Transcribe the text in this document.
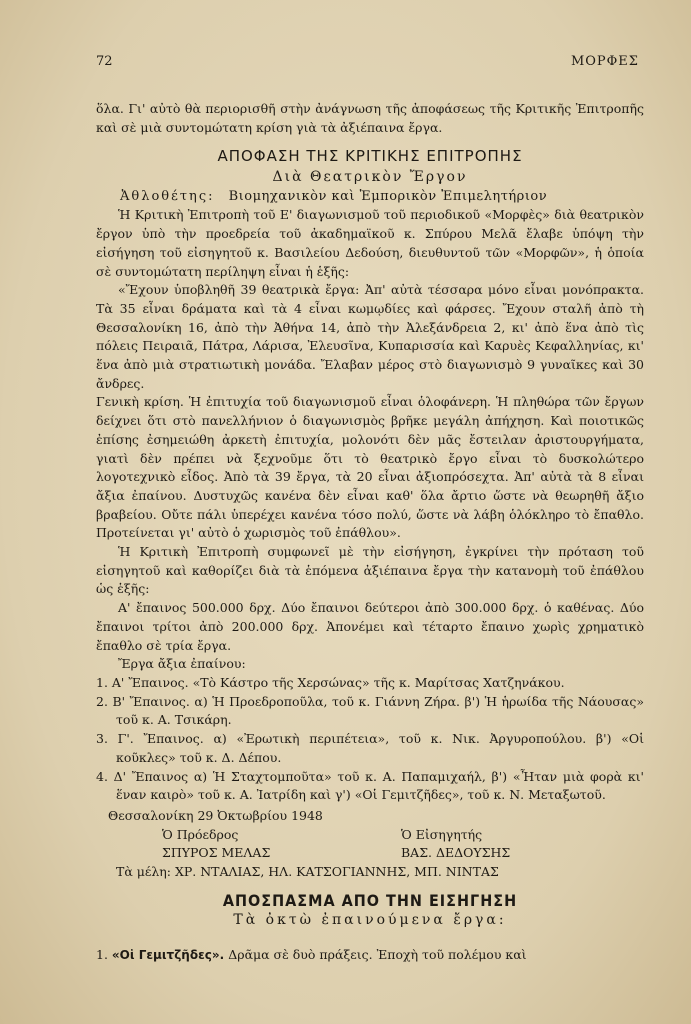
72	ΜΟΡΦΕΣ

ὅλα. Γι' αὐτὸ θὰ περιορισθῆ στὴν ἀνάγνωση τῆς ἀποφάσεως τῆς Κριτικῆς Ἐπιτροπῆς καὶ σὲ μιὰ συντομώτατη κρίση γιὰ τὰ ἀξιέπαινα ἔργα.

ΑΠΟΦΑΣΗ ΤΗΣ ΚΡΙΤΙΚΗΣ ΕΠΙΤΡΟΠΗΣ
Διὰ Θεατρικὸν Ἔργον
Ἀθλοθέτης: Βιομηχανικὸν καὶ Ἐμπορικὸν Ἐπιμελητήριον

Ἡ Κριτικὴ Ἐπιτροπὴ τοῦ Ε' διαγωνισμοῦ τοῦ περιοδικοῦ «Μορφὲς» διὰ θεατρικὸν ἔργον ὑπὸ τὴν προεδρεία τοῦ ἀκαδημαϊκοῦ κ. Σπύρου Μελᾶ ἔλαβε ὑπόψη τὴν εἰσήγηση τοῦ εἰσηγητοῦ κ. Βασιλείου Δεδούση, διευθυντοῦ τῶν «Μορφῶν», ἡ ὁποία σὲ συντομώτατη περίληψη εἶναι ἡ ἑξῆς:

«Ἔχουν ὑποβληθῆ 39 θεατρικὰ ἔργα: Ἀπ' αὐτὰ τέσσαρα μόνο εἶναι μονόπρακτα. Τὰ 35 εἶναι δράματα καὶ τὰ 4 εἶναι κωμῳδίες καὶ φάρσες. Ἔχουν σταλῆ ἀπὸ τὴ Θεσσαλονίκη 16, ἀπὸ τὴν Ἀθήνα 14, ἀπὸ τὴν Ἀλεξάνδρεια 2, κι' ἀπὸ ἕνα ἀπὸ τὶς πόλεις Πειραιᾶ, Πάτρα, Λάρισα, Ἐλευσῖνα, Κυπαρισσία καὶ Καρυὲς Κεφαλληνίας, κι' ἕνα ἀπὸ μιὰ στρατιωτικὴ μονάδα. Ἔλαβαν μέρος στὸ διαγωνισμὸ 9 γυναῖκες καὶ 30 ἄνδρες.

Γενικὴ κρίση. Ἡ ἐπιτυχία τοῦ διαγωνισμοῦ εἶναι ὁλοφάνερη. Ἡ πληθώρα τῶν ἔργων δείχνει ὅτι στὸ πανελλήνιον ὁ διαγωνισμὸς βρῆκε μεγάλη ἀπήχηση. Καὶ ποιοτικῶς ἐπίσης ἐσημειώθη ἀρκετὴ ἐπιτυχία, μολονότι δὲν μᾶς ἔστειλαν ἀριστουργήματα, γιατὶ δὲν πρέπει νὰ ξεχνοῦμε ὅτι τὸ θεατρικὸ ἔργο εἶναι τὸ δυσκολώτερο λογοτεχνικὸ εἶδος. Ἀπὸ τὰ 39 ἔργα, τὰ 20 εἶναι ἀξιοπρόσεχτα. Ἀπ' αὐτὰ τὰ 8 εἶναι ἄξια ἐπαίνου. Δυστυχῶς κανένα δὲν εἶναι καθ' ὅλα ἄρτιο ὥστε νὰ θεωρηθῆ ἄξιο βραβείου. Οὔτε πάλι ὑπερέχει κανένα τόσο πολύ, ὥστε νὰ λάβη ὁλόκληρο τὸ ἔπαθλο. Προτείνεται γι' αὐτὸ ὁ χωρισμὸς τοῦ ἐπάθλου».

Ἡ Κριτικὴ Ἐπιτροπὴ συμφωνεῖ μὲ τὴν εἰσήγηση, ἐγκρίνει τὴν πρόταση τοῦ εἰσηγητοῦ καὶ καθορίζει διὰ τὰ ἑπόμενα ἀξιέπαινα ἔργα τὴν κατανομὴ τοῦ ἐπάθλου ὡς ἑξῆς:

Α' ἔπαινος 500.000 δρχ. Δύο ἔπαινοι δεύτεροι ἀπὸ 300.000 δρχ. ὁ καθένας. Δύο ἔπαινοι τρίτοι ἀπὸ 200.000 δρχ. Ἀπονέμει καὶ τέταρτο ἔπαινο χωρὶς χρηματικὸ ἔπαθλο σὲ τρία ἔργα.

Ἔργα ἄξια ἐπαίνου:

1. Α' Ἔπαινος. «Τὸ Κάστρο τῆς Χερσώνας» τῆς κ. Μαρίτσας Χατζηνάκου.
2. Β' Ἔπαινος. α) Ἡ Προεδροποῦλα, τοῦ κ. Γιάννη Ζήρα. β') Ἡ ἡρωίδα τῆς Νάουσας» τοῦ κ. Α. Τσικάρη.
3. Γ'. Ἔπαινος. α) «Ἐρωτικὴ περιπέτεια», τοῦ κ. Νικ. Ἀργυροπούλου. β') «Οἱ κοῦκλες» τοῦ κ. Δ. Δέπου.
4. Δ' Ἔπαινος α) Ἡ Σταχτομποῦτα» τοῦ κ. Α. Παπαμιχαήλ, β') «Ἦταν μιὰ φορὰ κι' ἕναν καιρὸ» τοῦ κ. Α. Ἰατρίδη καὶ γ') «Οἱ Γεμιτζῆδες», τοῦ κ. Ν. Μεταξωτοῦ.

Θεσσαλονίκη 29 Ὀκτωβρίου 1948

Ὁ Πρόεδρος
ΣΠΥΡΟΣ ΜΕΛΑΣ
Ὁ Εἰσηγητής
ΒΑΣ. ΔΕΔΟΥΣΗΣ
Τὰ μέλη: ΧΡ. ΝΤΑΛΙΑΣ, ΗΛ. ΚΑΤΣΟΓΙΑΝΝΗΣ, ΜΠ. ΝΙΝΤΑΣ
ΑΠΟΣΠΑΣΜΑ ΑΠΟ ΤΗΝ ΕΙΣΗΓΗΣΗ
Τὰ ὀκτὼ ἐπαινούμενα ἔργα:

1. «Οἱ Γεμιτζῆδες». Δρᾶμα σὲ δυὸ πράξεις. Ἐποχὴ τοῦ πολέμου καὶ
